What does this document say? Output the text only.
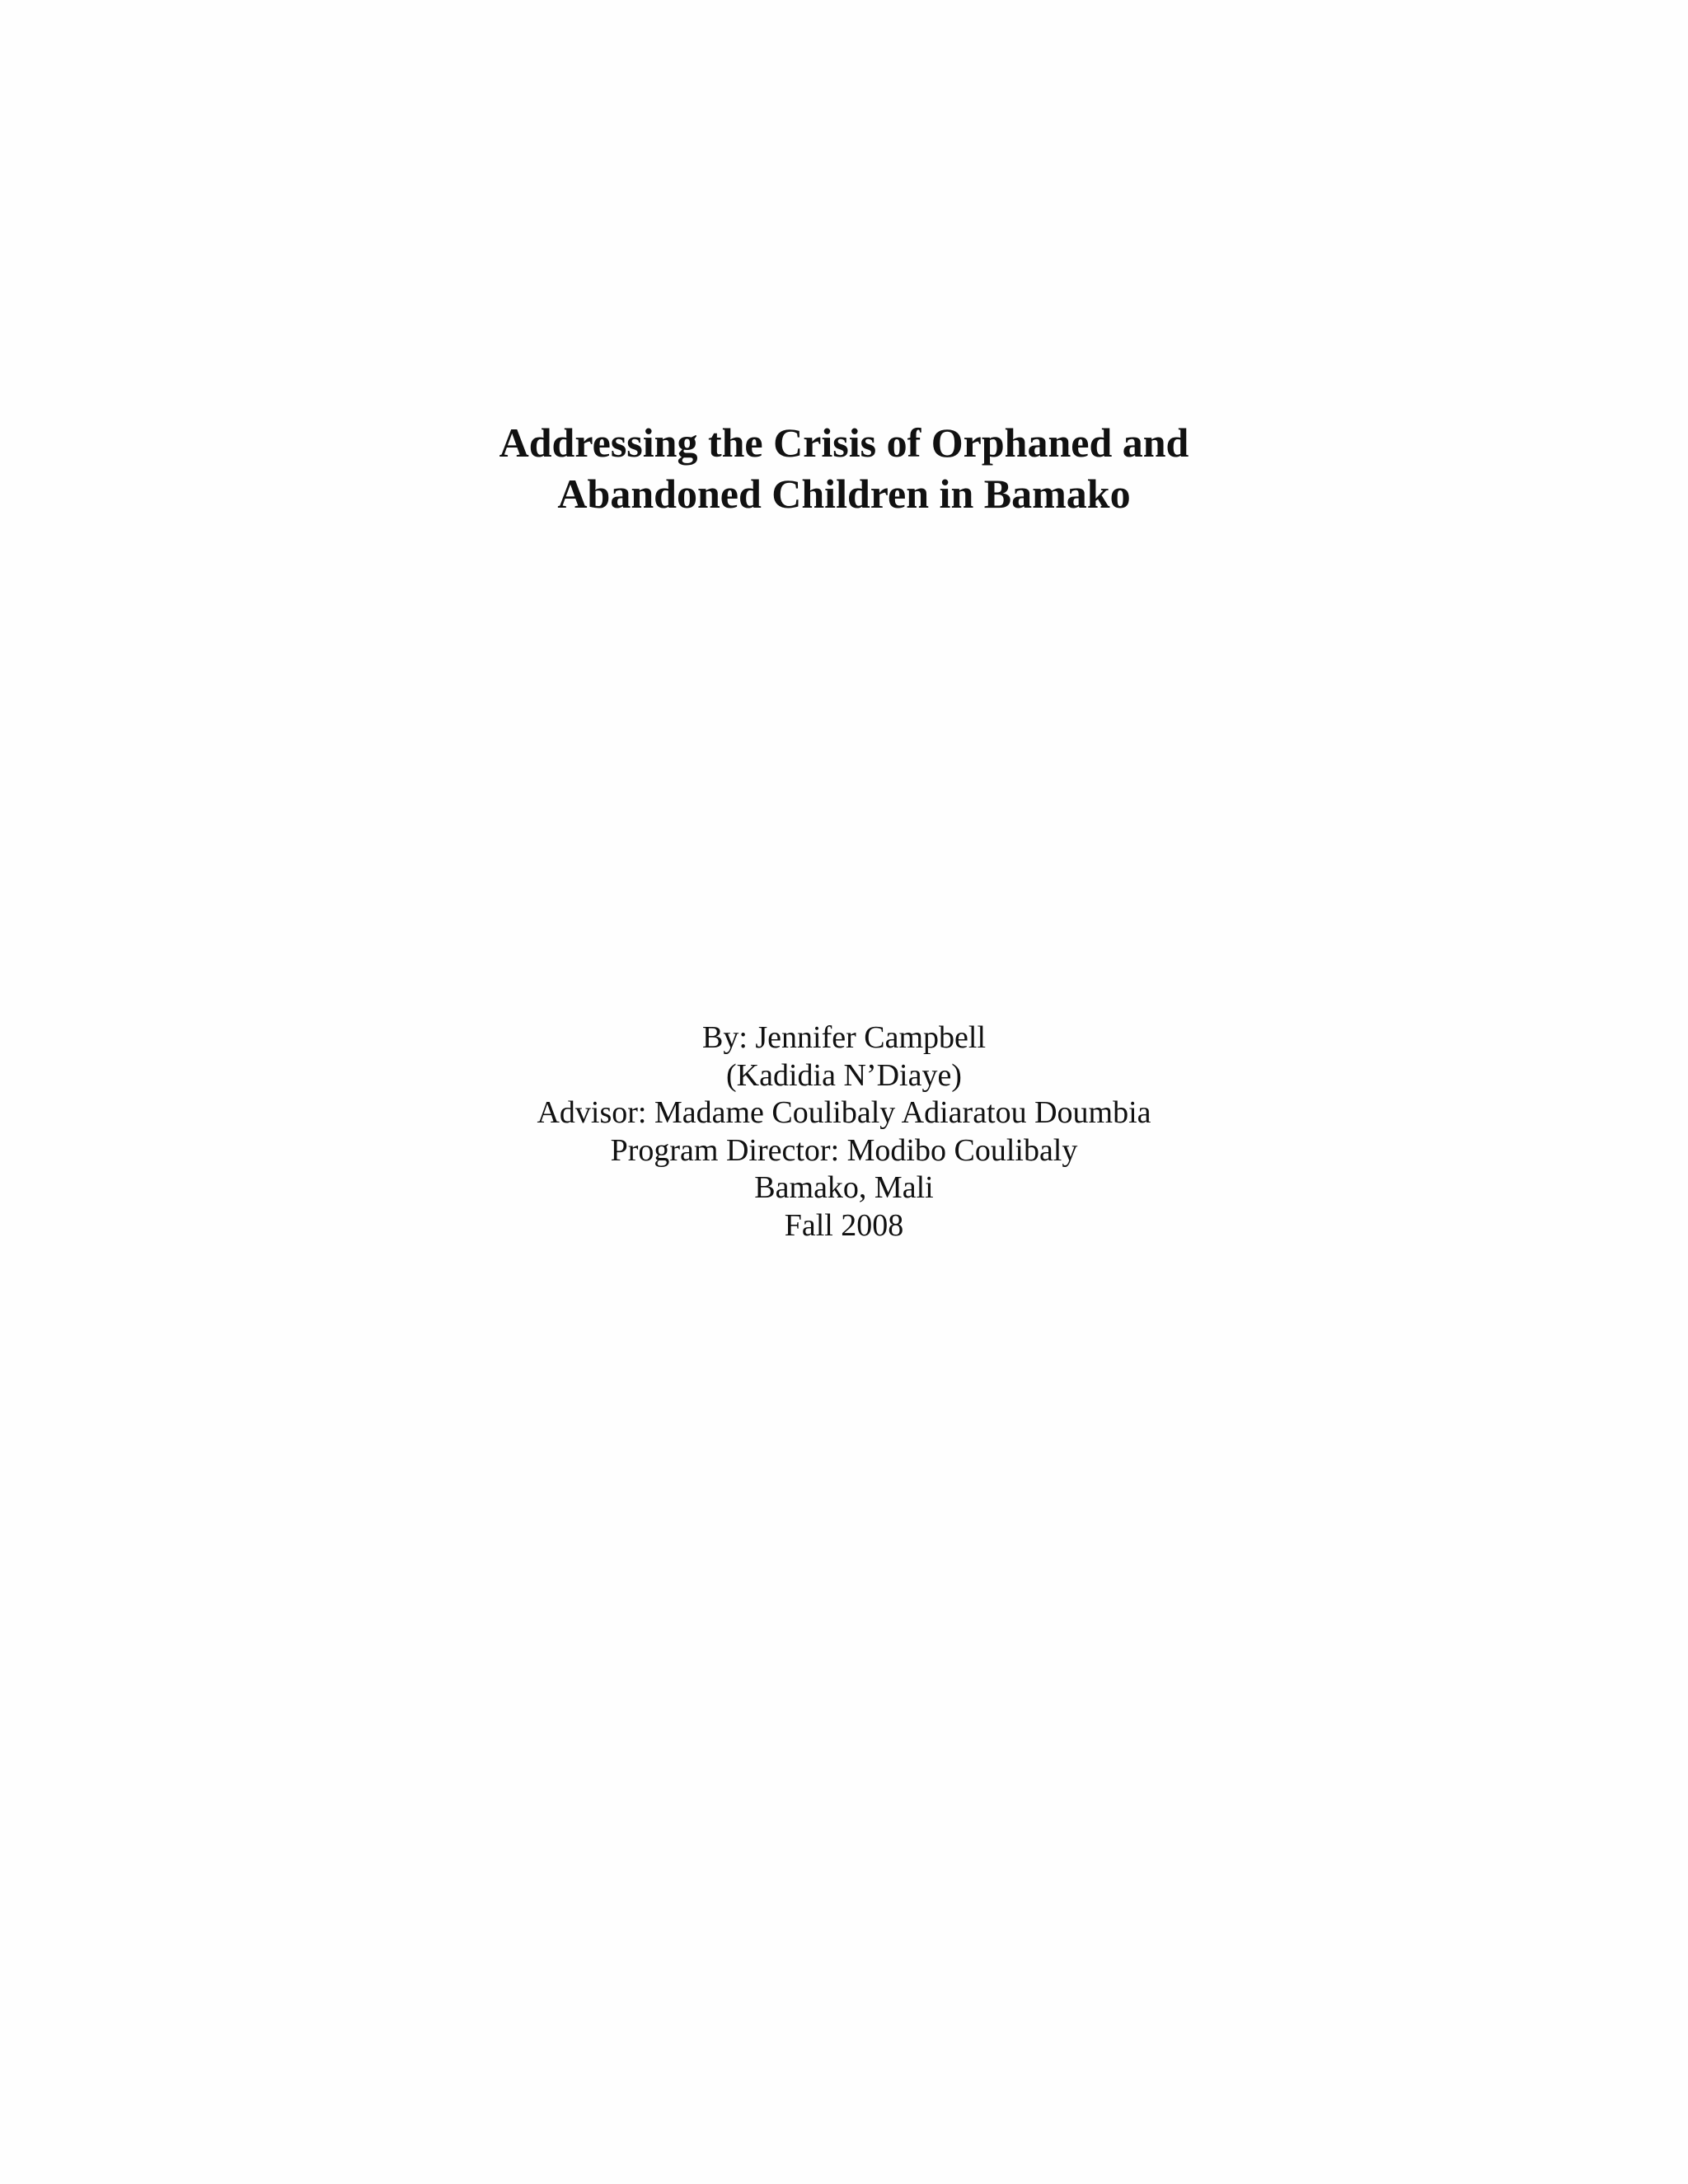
Addressing the Crisis of Orphaned and
Abandoned Children in Bamako
By: Jennifer Campbell
(Kadidia N’Diaye)
Advisor: Madame Coulibaly Adiaratou Doumbia
Program Director: Modibo Coulibaly
Bamako, Mali
Fall 2008
